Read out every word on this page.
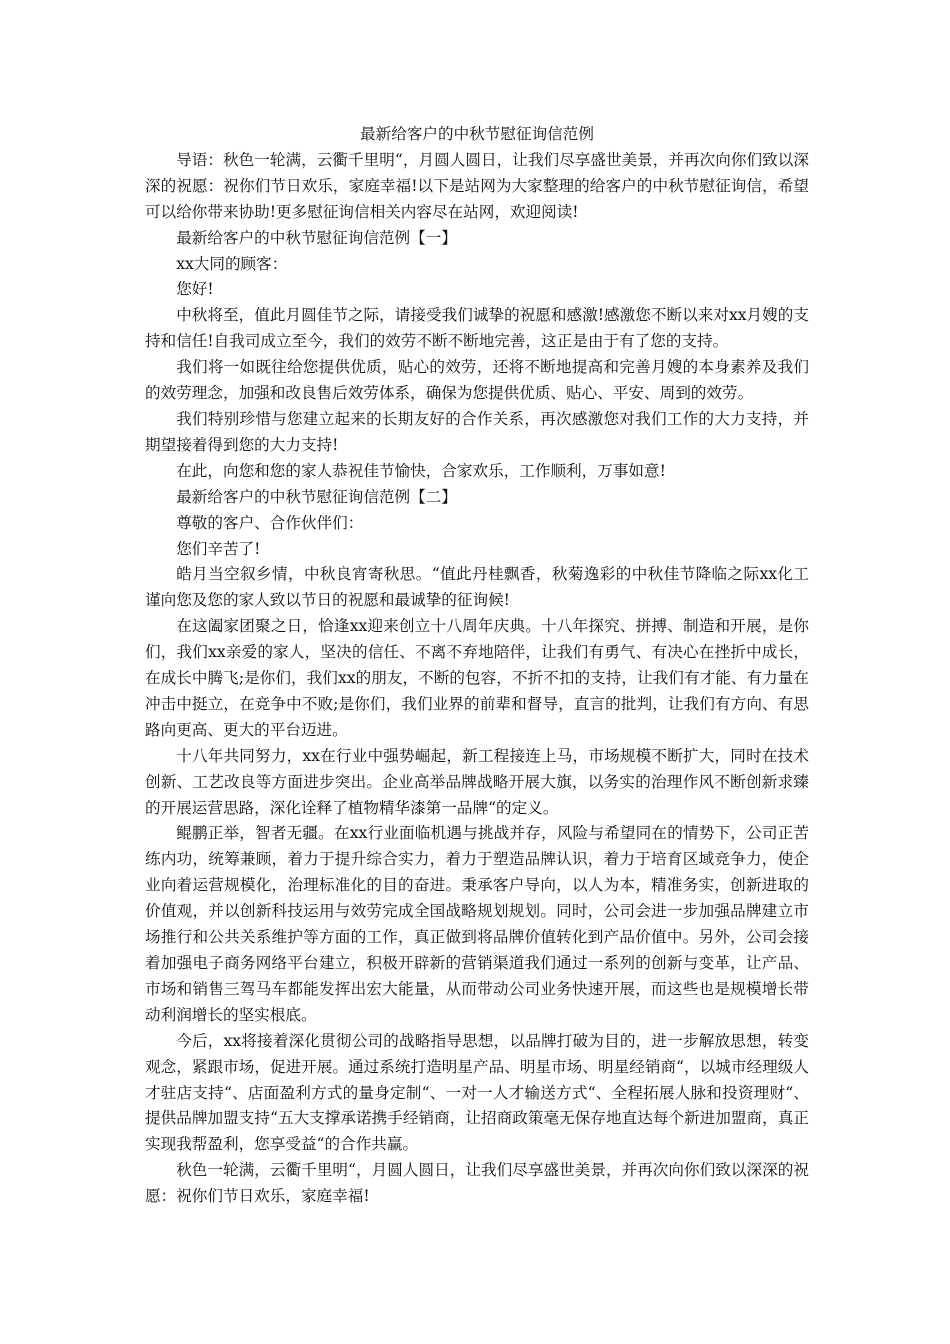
最新给客户的中秋节慰征询信范例

导语：秋色一轮满，云衢千里明“，月圆人圆日，让我们尽享盛世美景，并再次向你们致以深深的祝愿：祝你们节日欢乐，家庭幸福!以下是站网为大家整理的给客户的中秋节慰征询信，希望可以给你带来协助!更多慰征询信相关内容尽在站网，欢迎阅读!

最新给客户的中秋节慰征询信范例【一】

xx大同的顾客：

您好!

中秋将至，值此月圆佳节之际，请接受我们诚挚的祝愿和感激!感激您不断以来对xx月嫂的支持和信任!自我司成立至今，我们的效劳不断不断地完善，这正是由于有了您的支持。

我们将一如既往给您提供优质，贴心的效劳，还将不断地提高和完善月嫂的本身素养及我们的效劳理念，加强和改良售后效劳体系，确保为您提供优质、贴心、平安、周到的效劳。

我们特别珍惜与您建立起来的长期友好的合作关系，再次感激您对我们工作的大力支持，并期望接着得到您的大力支持!

在此，向您和您的家人恭祝佳节愉快，合家欢乐，工作顺利，万事如意!

最新给客户的中秋节慰征询信范例【二】

尊敬的客户、合作伙伴们：

您们辛苦了!

皓月当空叙乡情，中秋良宵寄秋思。“值此丹桂飘香，秋菊逸彩的中秋佳节降临之际xx化工谨向您及您的家人致以节日的祝愿和最诚挚的征询候!

在这阖家团聚之日，恰逢xx迎来创立十八周年庆典。十八年探究、拼搏、制造和开展，是你们，我们xx亲爱的家人，坚决的信任、不离不弃地陪伴，让我们有勇气、有决心在挫折中成长，在成长中腾飞;是你们，我们xx的朋友，不断的包容，不折不扣的支持，让我们有才能、有力量在冲击中挺立，在竞争中不败;是你们，我们业界的前辈和督导，直言的批判，让我们有方向、有思路向更高、更大的平台迈进。

十八年共同努力，xx在行业中强势崛起，新工程接连上马，市场规模不断扩大，同时在技术创新、工艺改良等方面进步突出。企业高举品牌战略开展大旗，以务实的治理作风不断创新求臻的开展运营思路，深化诠释了植物精华漆第一品牌“的定义。

鲲鹏正举，智者无疆。在xx行业面临机遇与挑战并存，风险与希望同在的情势下，公司正苦练内功，统筹兼顾，着力于提升综合实力，着力于塑造品牌认识，着力于培育区域竞争力，使企业向着运营规模化，治理标准化的目的奋进。秉承客户导向，以人为本，精准务实，创新进取的价值观，并以创新科技运用与效劳完成全国战略规划规划。同时，公司会进一步加强品牌建立市场推行和公共关系维护等方面的工作，真正做到将品牌价值转化到产品价值中。另外，公司会接着加强电子商务网络平台建立，积极开辟新的营销渠道我们通过一系列的创新与变革，让产品、市场和销售三驾马车都能发挥出宏大能量，从而带动公司业务快速开展，而这些也是规模增长带动利润增长的坚实根底。

今后，xx将接着深化贯彻公司的战略指导思想，以品牌打破为目的，进一步解放思想，转变观念，紧跟市场，促进开展。通过系统打造明星产品、明星市场、明星经销商“，以城市经理级人才驻店支持“、店面盈利方式的量身定制“、一对一人才输送方式“、全程拓展人脉和投资理财“、提供品牌加盟支持“五大支撑承诺携手经销商，让招商政策毫无保存地直达每个新进加盟商，真正实现我帮盈利，您享受益“的合作共赢。

秋色一轮满，云衢千里明“，月圆人圆日，让我们尽享盛世美景，并再次向你们致以深深的祝愿：祝你们节日欢乐，家庭幸福!
